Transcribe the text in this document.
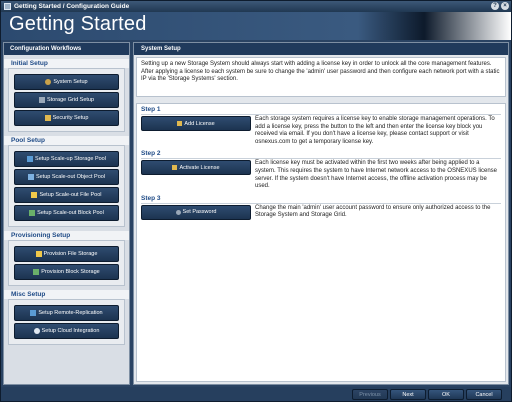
Getting Started / Configuration Guide	?	×
Getting Started
Configuration Workflows
Initial Setup
System Setup
Storage Grid Setup
Security Setup
Pool Setup
Setup Scale-up Storage Pool
Setup Scale-out Object Pool
Setup Scale-out File Pool
Setup Scale-out Block Pool
Provisioning Setup
Provision File Storage
Provision Block Storage
Misc Setup
Setup Remote-Replication
Setup Cloud Integration
System Setup
Setting up a new Storage System should always start with adding a license key in order to unlock all the core management features. After applying a license to each system be sure to change the 'admin' user password and then configure each network port with a static IP via the 'Storage Systems' section.
Step 1
Add License
Each storage system requires a license key to enable storage management operations. To add a license key, press the button to the left and then enter the license key block you received via email. If you don't have a license key, please contact support or visit osnexus.com to get a temporary license key.
Step 2
Activate License
Each license key must be activated within the first two weeks after being applied to a system. This requires the system to have Internet network access to the OSNEXUS license server. If the system doesn't have Internet access, the offline activation process may be used.
Step 3
Set Password
Change the main 'admin' user account password to ensure only authorized access to the Storage System and Storage Grid.
Previous	Next	OK	Cancel
